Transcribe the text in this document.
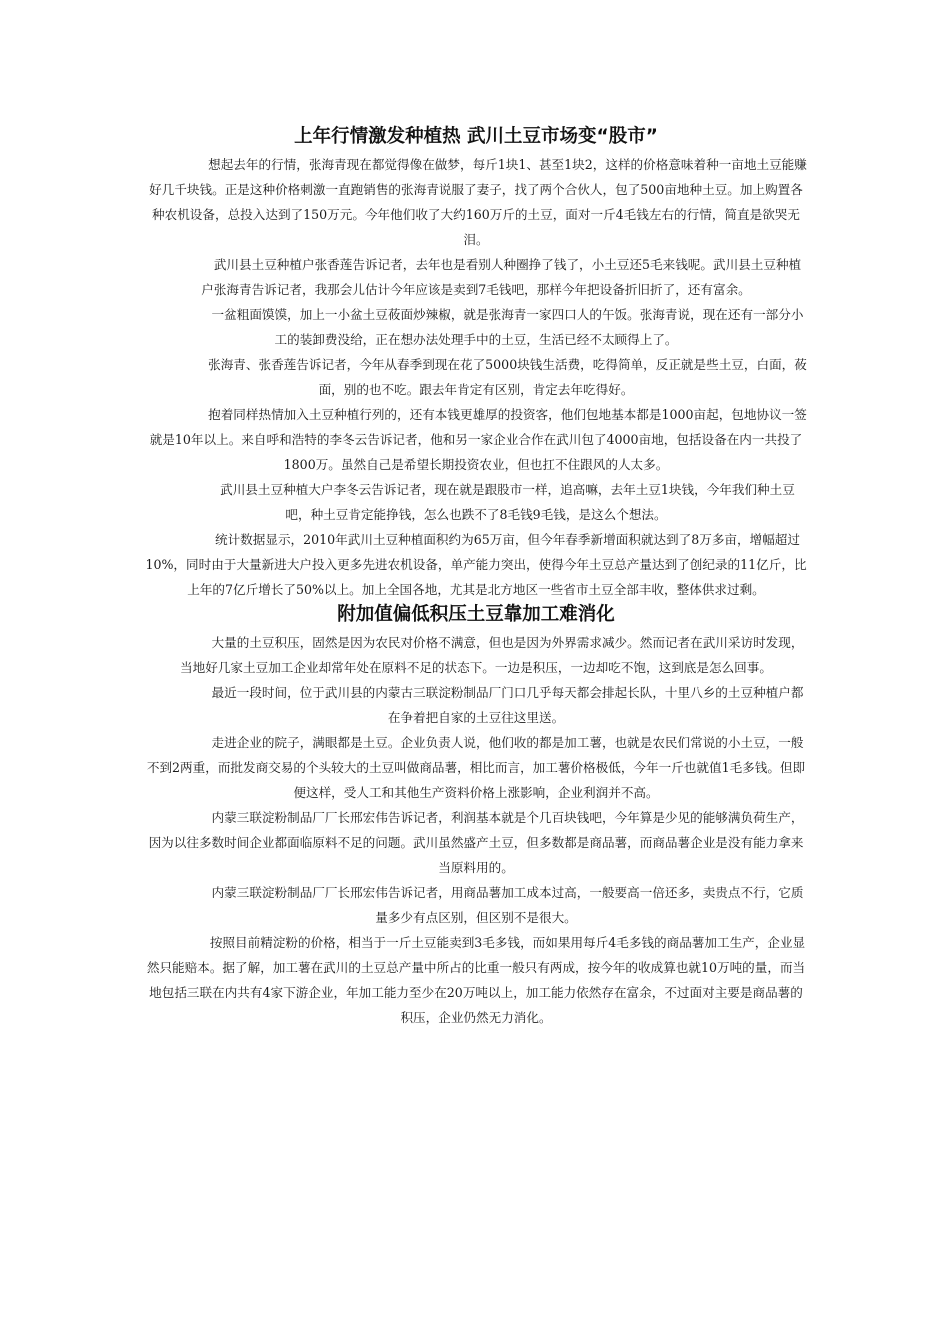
上年行情激发种植热 武川土豆市场变“股市”

　　　　　想起去年的行情，张海青现在都觉得像在做梦，每斤1块1、甚至1块2，这样的价格意味着种一亩地土豆能赚好几千块钱。正是这种价格刺激一直跑销售的张海青说服了妻子，找了两个合伙人，包了500亩地种土豆。加上购置各种农机设备，总投入达到了150万元。今年他们收了大约160万斤的土豆，面对一斤4毛钱左右的行情，简直是欲哭无泪。

　　　　　武川县土豆种植户张香莲告诉记者，去年也是看别人种圈挣了钱了，小土豆还5毛来钱呢。武川县土豆种植户张海青告诉记者，我那会儿估计今年应该是卖到7毛钱吧，那样今年把设备折旧折了，还有富余。

　　　　　一盆粗面馍馍，加上一小盆土豆莜面炒辣椒，就是张海青一家四口人的午饭。张海青说，现在还有一部分小工的装卸费没给，正在想办法处理手中的土豆，生活已经不太顾得上了。

　　　　　张海青、张香莲告诉记者，今年从春季到现在花了5000块钱生活费，吃得简单，反正就是些土豆，白面，莜面，别的也不吃。跟去年肯定有区别，肯定去年吃得好。

　　　　　抱着同样热情加入土豆种植行列的，还有本钱更雄厚的投资客，他们包地基本都是1000亩起，包地协议一签就是10年以上。来自呼和浩特的李冬云告诉记者，他和另一家企业合作在武川包了4000亩地，包括设备在内一共投了1800万。虽然自己是希望长期投资农业，但也扛不住跟风的人太多。

　　　　　武川县土豆种植大户李冬云告诉记者，现在就是跟股市一样，追高嘛，去年土豆1块钱，今年我们种土豆吧，种土豆肯定能挣钱，怎么也跌不了8毛钱9毛钱，是这么个想法。

　　　　　统计数据显示，2010年武川土豆种植面积约为65万亩，但今年春季新增面积就达到了8万多亩，增幅超过10%，同时由于大量新进大户投入更多先进农机设备，单产能力突出，使得今年土豆总产量达到了创纪录的11亿斤，比上年的7亿斤增长了50%以上。加上全国各地，尤其是北方地区一些省市土豆全部丰收，整体供求过剩。

附加值偏低积压土豆靠加工难消化

　　　　　大量的土豆积压，固然是因为农民对价格不满意，但也是因为外界需求减少。然而记者在武川采访时发现，当地好几家土豆加工企业却常年处在原料不足的状态下。一边是积压，一边却吃不饱，这到底是怎么回事。

　　　　　最近一段时间，位于武川县的内蒙古三联淀粉制品厂门口几乎每天都会排起长队，十里八乡的土豆种植户都在争着把自家的土豆往这里送。

　　　　　走进企业的院子，满眼都是土豆。企业负责人说，他们收的都是加工薯，也就是农民们常说的小土豆，一般不到2两重，而批发商交易的个头较大的土豆叫做商品薯，相比而言，加工薯价格极低，今年一斤也就值1毛多钱。但即便这样，受人工和其他生产资料价格上涨影响，企业利润并不高。

　　　　　内蒙三联淀粉制品厂厂长邢宏伟告诉记者，利润基本就是个几百块钱吧，今年算是少见的能够满负荷生产，因为以往多数时间企业都面临原料不足的问题。武川虽然盛产土豆，但多数都是商品薯，而商品薯企业是没有能力拿来当原料用的。

　　　　　内蒙三联淀粉制品厂厂长邢宏伟告诉记者，用商品薯加工成本过高，一般要高一倍还多，卖贵点不行，它质量多少有点区别，但区别不是很大。

　　　　　按照目前精淀粉的价格，相当于一斤土豆能卖到3毛多钱，而如果用每斤4毛多钱的商品薯加工生产，企业显然只能赔本。据了解，加工薯在武川的土豆总产量中所占的比重一般只有两成，按今年的收成算也就10万吨的量，而当地包括三联在内共有4家下游企业，年加工能力至少在20万吨以上，加工能力依然存在富余，不过面对主要是商品薯的积压，企业仍然无力消化。
